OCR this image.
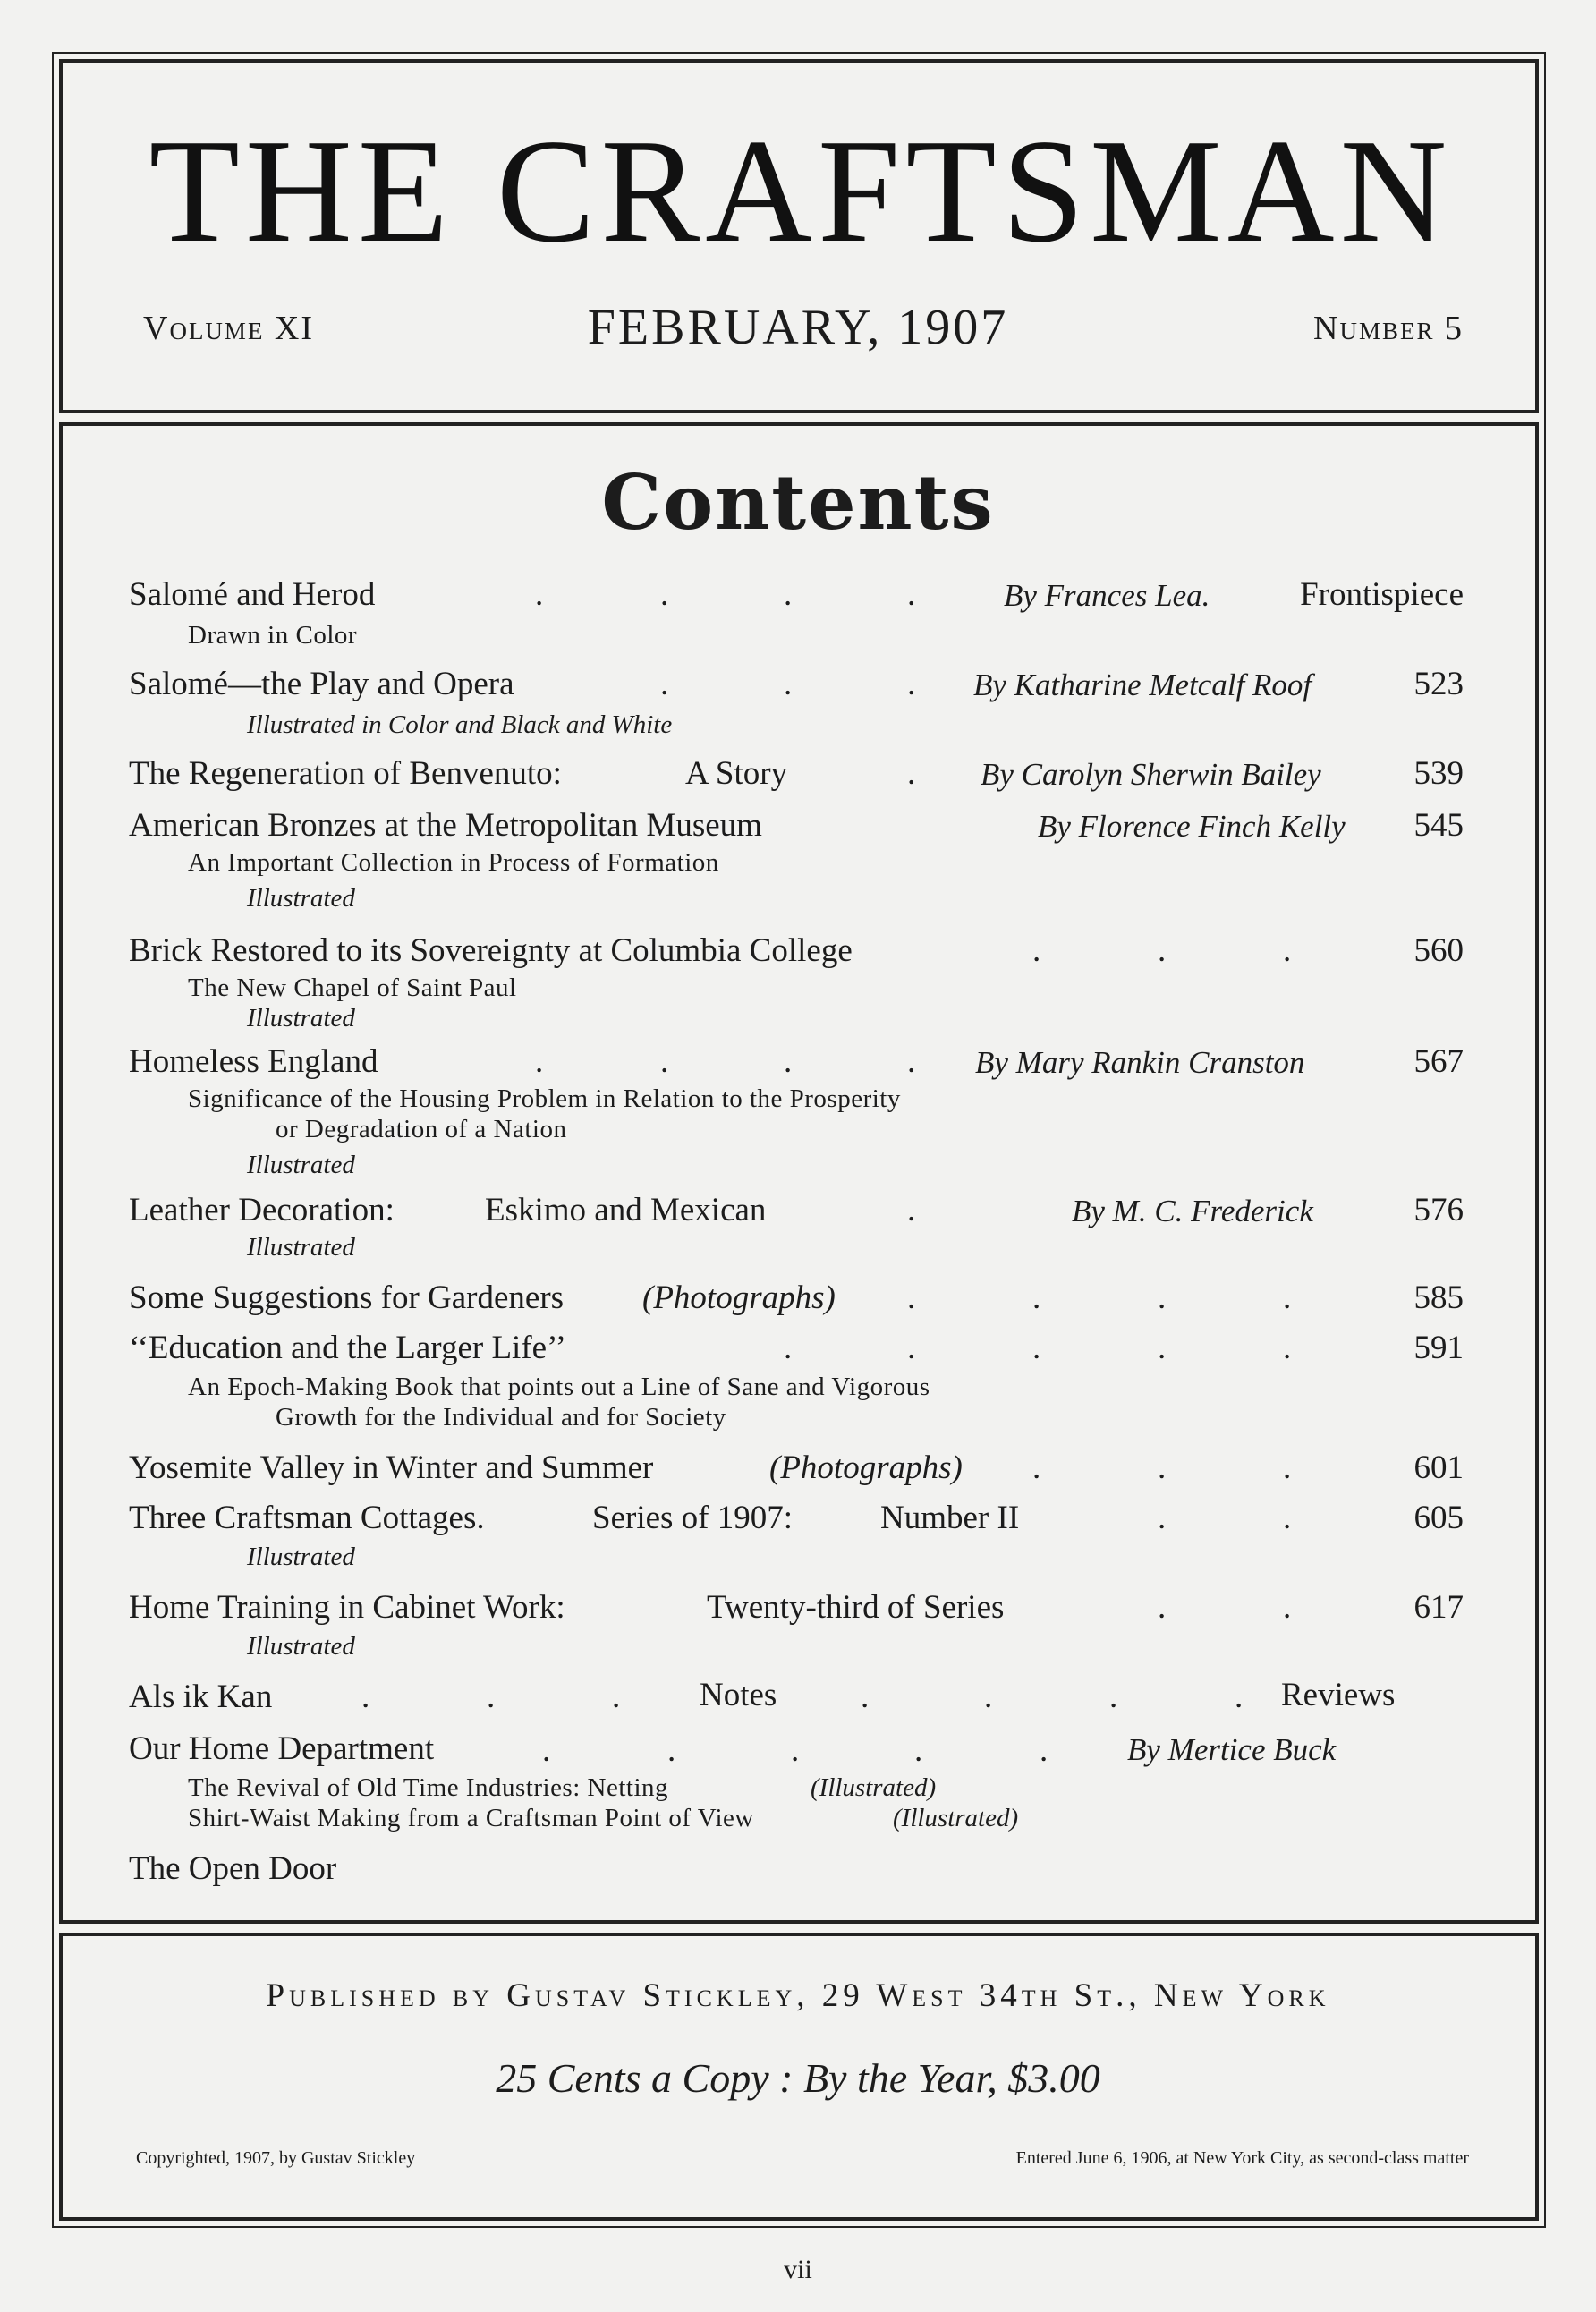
THE CRAFTSMAN
Volume XI	FEBRUARY, 1907	Number 5
Contents
Salomé and Herod	.	.	.	.	By Frances Lea.	Frontispiece
Drawn in Color
Salomé—the Play and Opera	.	.	. By Katharine Metcalf Roof	523
Illustrated in Color and Black and White
The Regeneration of Benvenuto:	A Story	. By Carolyn Sherwin Bailey	539
American Bronzes at the Metropolitan Museum	By Florence Finch Kelly 545
An Important Collection in Process of Formation
Illustrated
Brick Restored to its Sovereignty at Columbia College	.	.	.	560
The New Chapel of Saint Paul
Illustrated
Homeless England	.	.	.	. By Mary Rankin Cranston	567
Significance of the Housing Problem in Relation to the Prosperity
or Degradation of a Nation
Illustrated
Leather Decoration:	Eskimo and Mexican	.	By M. C. Frederick	576
Illustrated
Some Suggestions for Gardeners (Photographs) .	.	.	.	585
‘‘Education and the Larger Life’’	.	.	.	.	.	591
An Epoch-Making Book that points out a Line of Sane and Vigorous
Growth for the Individual and for Society
Yosemite Valley in Winter and Summer	(Photographs) .	.	.	601
Three Craftsman Cottages.	Series of 1907:	Number II	.	.	605
Illustrated
Home Training in Cabinet Work:	Twenty-third of Series	.	.	617
Illustrated
Als ik Kan	.	.	. Notes	.	.	.	. Reviews
Our Home Department	.	.	.	.	.	By Mertice Buck
The Revival of Old Time Industries: Netting	(Illustrated)
Shirt-Waist Making from a Craftsman Point of View	(Illustrated)
The Open Door
Published by Gustav Stickley, 29 West 34th St., New York
25 Cents a Copy : By the Year, $3.00
Copyrighted, 1907, by Gustav Stickley	Entered June 6, 1906, at New York City, as second-class matter
vii
